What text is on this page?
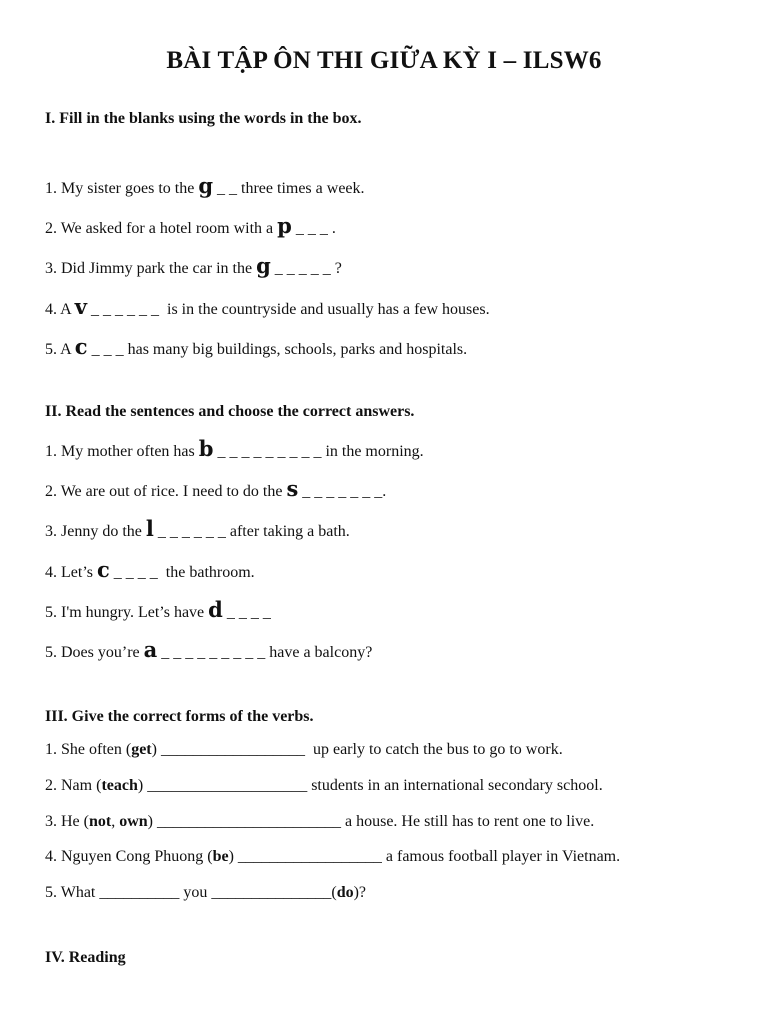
BÀI TẬP ÔN THI GIỮA KỲ I – ILSW6
I. Fill in the blanks using the words in the box.
1. My sister goes to the g _ _ three times a week.
2. We asked for a hotel room with a p _ _ _ .
3. Did Jimmy park the car in the g _ _ _ _ _ ?
4. A v _ _ _ _ _ _  is in the countryside and usually has a few houses.
5. A c _ _ _ has many big buildings, schools, parks and hospitals.
II. Read the sentences and choose the correct answers.
1. My mother often has b _ _ _ _ _ _ _ _ _ in the morning.
2. We are out of rice. I need to do the s _ _ _ _ _ _ _.
3. Jenny do the l _ _ _ _ _ _ after taking a bath.
4. Let’s c _ _ _ _  the bathroom.
5. I'm hungry. Let’s have d _ _ _ _
5. Does you’re a _ _ _ _ _ _ _ _ _ have a balcony?
III. Give the correct forms of the verbs.
1. She often (get) __________________  up early to catch the bus to go to work.
2. Nam (teach) ____________________ students in an international secondary school.
3. He (not, own) _______________________ a house. He still has to rent one to live.
4. Nguyen Cong Phuong (be) __________________ a famous football player in Vietnam.
5. What __________ you _______________(do)?
IV. Reading
